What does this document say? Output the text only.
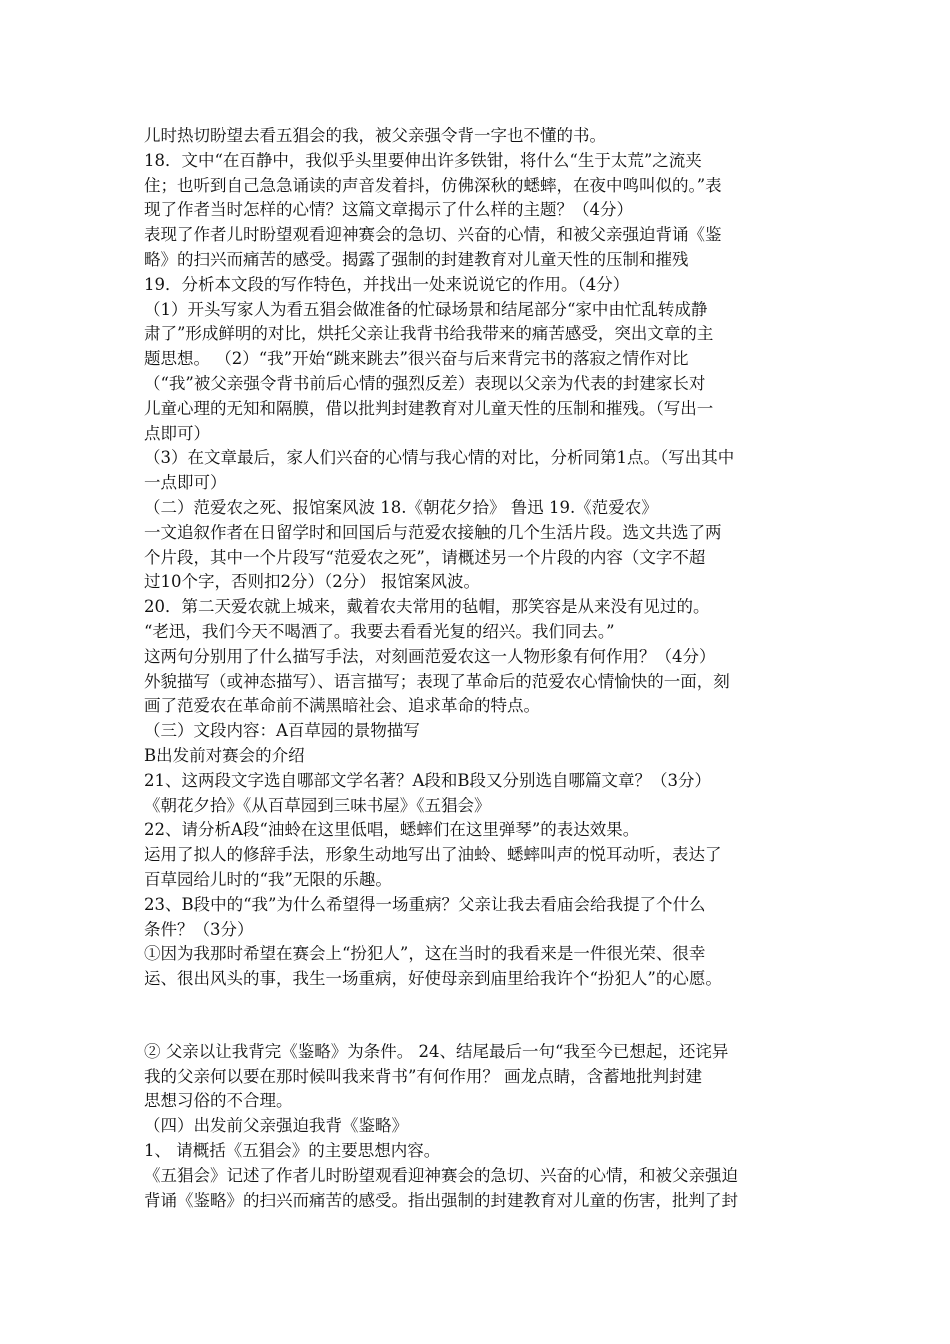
儿时热切盼望去看五猖会的我，被父亲强令背一字也不懂的书。
18．文中“在百静中，我似乎头里要伸出许多铁钳，将什么“生于太荒”之流夹
住；也听到自己急急诵读的声音发着抖，仿佛深秋的蟋蟀，在夜中鸣叫似的。”表
现了作者当时怎样的心情？这篇文章揭示了什么样的主题？（4分）
表现了作者儿时盼望观看迎神赛会的急切、兴奋的心情，和被父亲强迫背诵《鉴
略》的扫兴而痛苦的感受。揭露了强制的封建教育对儿童天性的压制和摧残
19．分析本文段的写作特色，并找出一处来说说它的作用。（4分）
（1）开头写家人为看五猖会做准备的忙碌场景和结尾部分“家中由忙乱转成静
肃了”形成鲜明的对比，烘托父亲让我背书给我带来的痛苦感受，突出文章的主
题思想。 （2）“我”开始“跳来跳去”很兴奋与后来背完书的落寂之情作对比
（“我”被父亲强令背书前后心情的强烈反差）表现以父亲为代表的封建家长对
儿童心理的无知和隔膜，借以批判封建教育对儿童天性的压制和摧残。（写出一
点即可）
（3）在文章最后，家人们兴奋的心情与我心情的对比，分析同第1点。（写出其中
一点即可）
（二）范爱农之死、报馆案风波 18.《朝花夕拾》 鲁迅 19.《范爱农》
一文追叙作者在日留学时和回国后与范爱农接触的几个生活片段。选文共选了两
个片段，其中一个片段写“范爱农之死”，请概述另一个片段的内容（文字不超
过10个字，否则扣2分）（2分） 报馆案风波。
20．第二天爱农就上城来，戴着农夫常用的毡帽，那笑容是从来没有见过的。
“老迅，我们今天不喝酒了。我要去看看光复的绍兴。我们同去。”
这两句分别用了什么描写手法，对刻画范爱农这一人物形象有何作用？（4分）
外貌描写（或神态描写）、语言描写；表现了革命后的范爱农心情愉快的一面，刻
画了范爱农在革命前不满黑暗社会、追求革命的特点。
（三）文段内容：A百草园的景物描写
B出发前对赛会的介绍
21、这两段文字选自哪部文学名著？A段和B段又分别选自哪篇文章？（3分）
《朝花夕拾》《从百草园到三味书屋》《五猖会》
22、请分析A段“油蛉在这里低唱，蟋蟀们在这里弹琴”的表达效果。
运用了拟人的修辞手法，形象生动地写出了油蛉、蟋蟀叫声的悦耳动听，表达了
百草园给儿时的“我”无限的乐趣。
23、B段中的“我”为什么希望得一场重病？父亲让我去看庙会给我提了个什么
条件？（3分）
①因为我那时希望在赛会上“扮犯人”，这在当时的我看来是一件很光荣、很幸
运、很出风头的事，我生一场重病，好使母亲到庙里给我许个“扮犯人”的心愿。
② 父亲以让我背完《鉴略》为条件。 24、结尾最后一句“我至今已想起，还诧异
我的父亲何以要在那时候叫我来背书”有何作用？ 画龙点睛，含蓄地批判封建
思想习俗的不合理。
（四）出发前父亲强迫我背《鉴略》
1、 请概括《五猖会》的主要思想内容。
《五猖会》记述了作者儿时盼望观看迎神赛会的急切、兴奋的心情，和被父亲强迫
背诵《鉴略》的扫兴而痛苦的感受。指出强制的封建教育对儿童的伤害，批判了封
